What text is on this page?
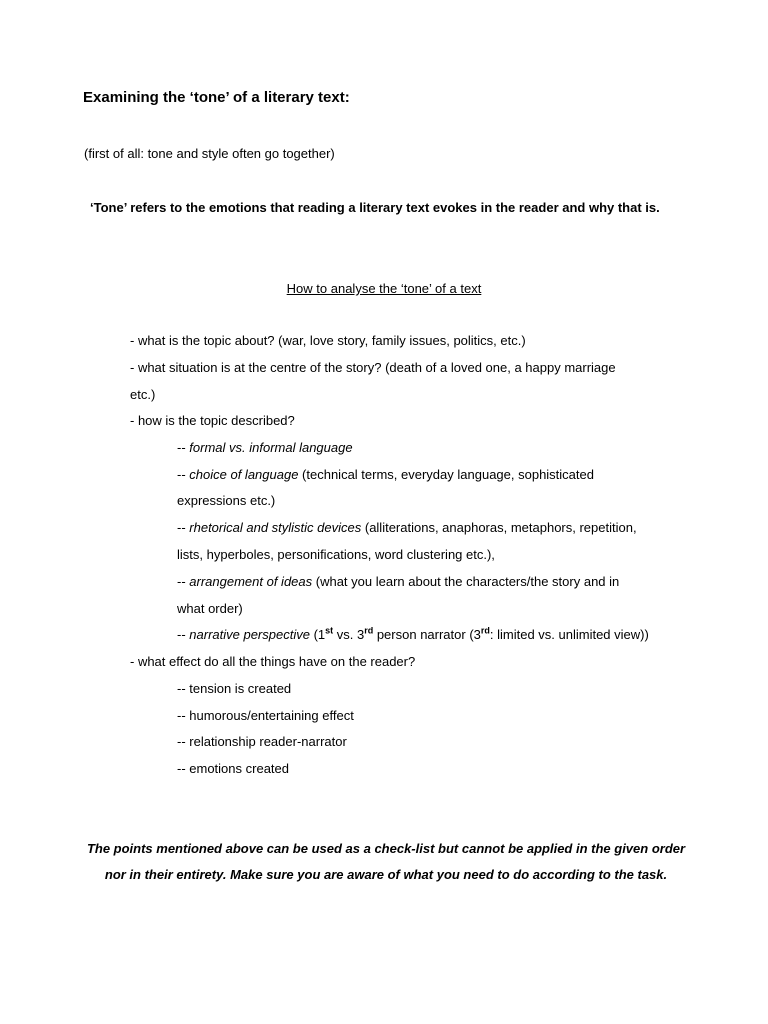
Examining the ‘tone’ of a literary text:
(first of all: tone and style often go together)
‘Tone’ refers to the emotions that reading a literary text evokes in the reader and why that is.
How to analyse the ‘tone’ of a text
- what is the topic about? (war, love story, family issues, politics, etc.)
- what situation is at the centre of the story? (death of a loved one, a happy marriage
etc.)
- how is the topic described?
-- formal vs. informal language
-- choice of language (technical terms, everyday language, sophisticated
expressions etc.)
-- rhetorical and stylistic devices (alliterations, anaphoras, metaphors, repetition,
lists, hyperboles, personifications, word clustering etc.),
-- arrangement of ideas (what you learn about the characters/the story and in
what order)
-- narrative perspective (1st vs. 3rd person narrator (3rd: limited vs. unlimited view))
- what effect do all the things have on the reader?
-- tension is created
-- humorous/entertaining effect
-- relationship reader-narrator
-- emotions created
The points mentioned above can be used as a check-list but cannot be applied in the given order
nor in their entirety. Make sure you are aware of what you need to do according to the task.
